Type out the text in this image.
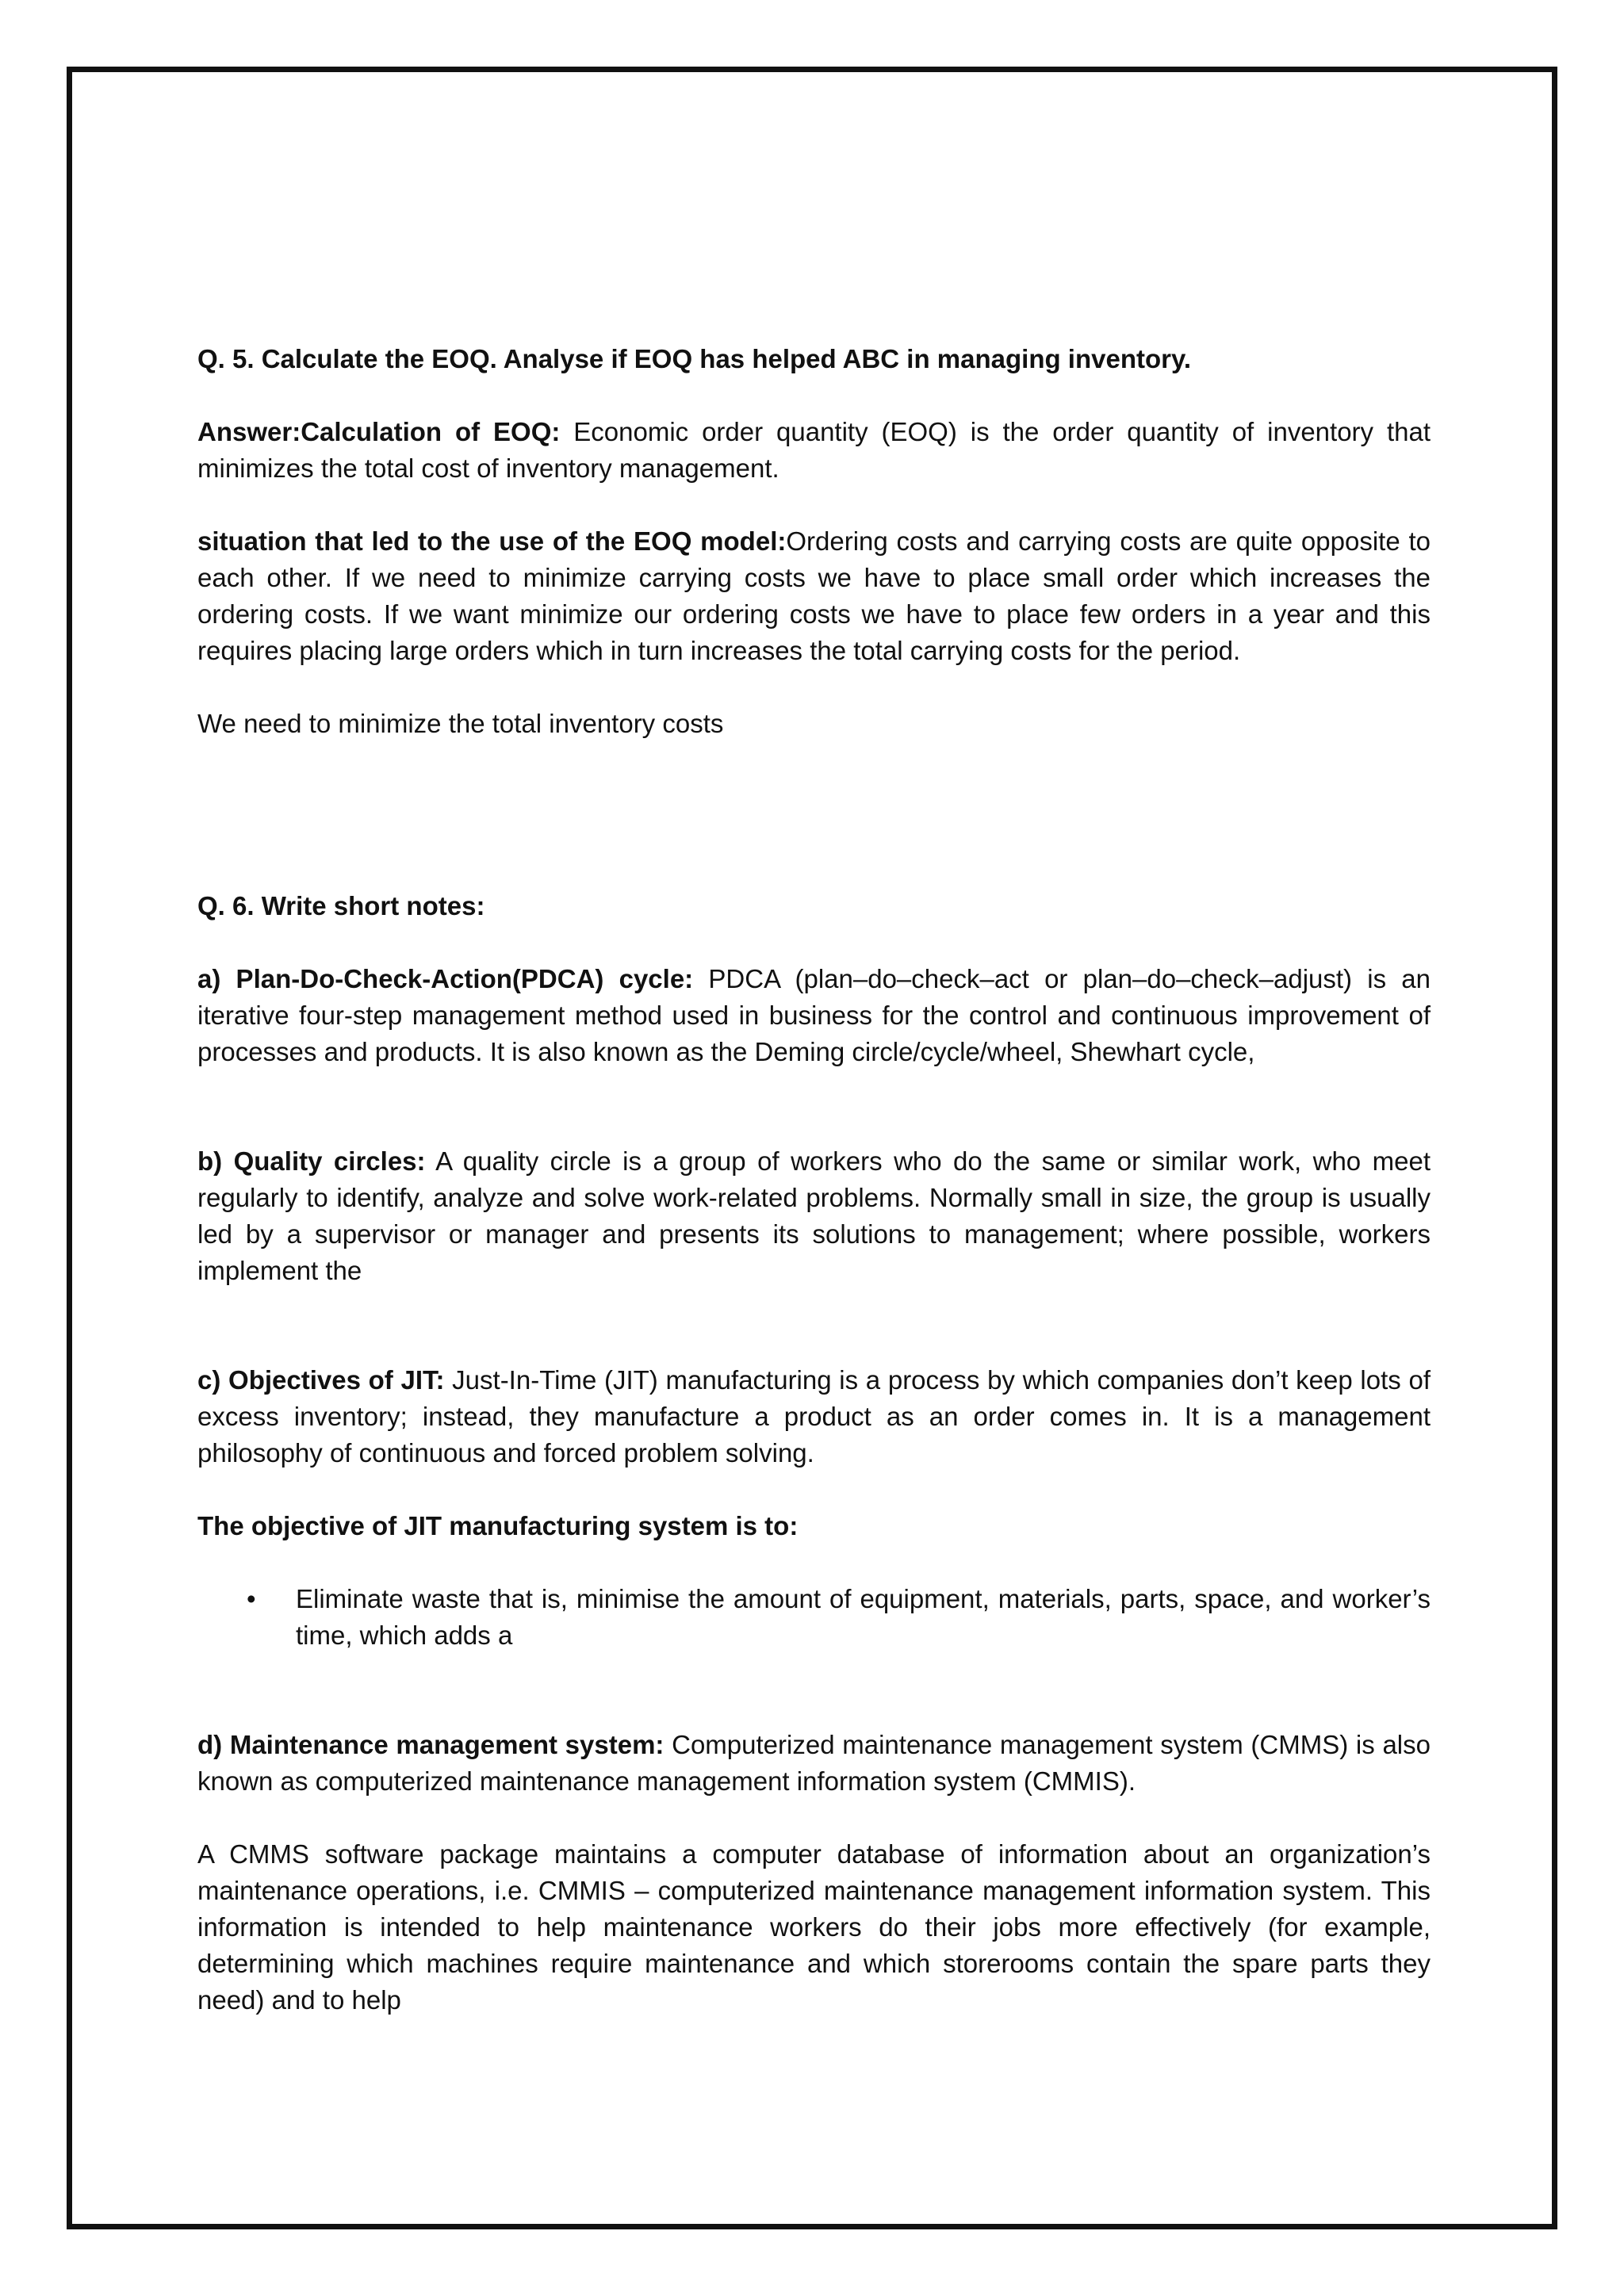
Q. 5. Calculate the EOQ. Analyse if EOQ has helped ABC in managing inventory.

Answer:Calculation of EOQ: Economic order quantity (EOQ) is the order quantity of inventory that minimizes the total cost of inventory management.

situation that led to the use of the EOQ model:Ordering costs and carrying costs are quite opposite to each other. If we need to minimize carrying costs we have to place small order which increases the ordering costs. If we want minimize our ordering costs we have to place few orders in a year and this requires placing large orders which in turn increases the total carrying costs for the period.

We need to minimize the total inventory costs

Q. 6. Write short notes:

a) Plan-Do-Check-Action(PDCA) cycle: PDCA (plan–do–check–act or plan–do–check–adjust) is an iterative four-step management method used in business for the control and continuous improvement of processes and products. It is also known as the Deming circle/cycle/wheel, Shewhart cycle,

b) Quality circles: A quality circle is a group of workers who do the same or similar work, who meet regularly to identify, analyze and solve work-related problems. Normally small in size, the group is usually led by a supervisor or manager and presents its solutions to management; where possible, workers implement the

c) Objectives of JIT: Just-In-Time (JIT) manufacturing is a process by which companies don’t keep lots of excess inventory; instead, they manufacture a product as an order comes in. It is a management philosophy of continuous and forced problem solving.

The objective of JIT manufacturing system is to:

• Eliminate waste that is, minimise the amount of equipment, materials, parts, space, and worker’s time, which adds a

d) Maintenance management system: Computerized maintenance management system (CMMS) is also known as computerized maintenance management information system (CMMIS).

A CMMS software package maintains a computer database of information about an organization’s maintenance operations, i.e. CMMIS – computerized maintenance management information system. This information is intended to help maintenance workers do their jobs more effectively (for example, determining which machines require maintenance and which storerooms contain the spare parts they need) and to help
